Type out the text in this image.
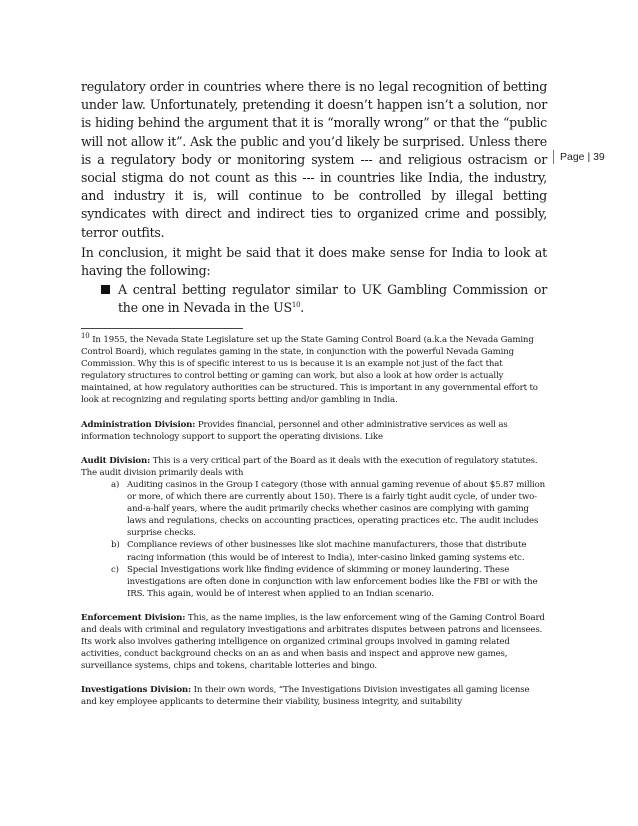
Page | 39

regulatory order in countries where there is no legal recognition of betting under law. Unfortunately, pretending it doesn’t happen isn’t a solution, nor is hiding behind the argument that it is “morally wrong” or that the “public will not allow it”. Ask the public and you’d likely be surprised. Unless there is a regulatory body or monitoring system --- and religious ostracism or social stigma do not count as this --- in countries like India, the industry, and industry it is, will continue to be controlled by illegal betting syndicates with direct and indirect ties to organized crime and possibly, terror outfits.

In conclusion, it might be said that it does make sense for India to look at having the following:

A central betting regulator similar to UK Gambling Commission or the one in Nevada in the US$^{10}$.

$^{10}$ In 1955, the Nevada State Legislature set up the State Gaming Control Board (a.k.a the Nevada Gaming Control Board), which regulates gaming in the state, in conjunction with the powerful Nevada Gaming Commission. Why this is of specific interest to us is because it is an example not just of the fact that regulatory structures to control betting or gaming can work, but also a look at how order is actually maintained, at how regulatory authorities can be structured. This is important in any governmental effort to look at recognizing and regulating sports betting and/or gambling in India.

Administration Division: Provides financial, personnel and other administrative services as well as information technology support to support the operating divisions. Like

Audit Division: This is a very critical part of the Board as it deals with the execution of regulatory statutes. The audit division primarily deals with

a) Auditing casinos in the Group I category (those with annual gaming revenue of about $5.87 million or more, of which there are currently about 150). There is a fairly tight audit cycle, of under two-and-a-half years, where the audit primarily checks whether casinos are complying with gaming laws and regulations, checks on accounting practices, operating practices etc. The audit includes surprise checks.
b) Compliance reviews of other businesses like slot machine manufacturers, those that distribute racing information (this would be of interest to India), inter-casino linked gaming systems etc.
c) Special Investigations work like finding evidence of skimming or money laundering. These investigations are often done in conjunction with law enforcement bodies like the FBI or with the IRS. This again, would be of interest when applied to an Indian scenario.

Enforcement Division: This, as the name implies, is the law enforcement wing of the Gaming Control Board and deals with criminal and regulatory investigations and arbitrates disputes between patrons and licensees. Its work also involves gathering intelligence on organized criminal groups involved in gaming related activities, conduct background checks on an as and when basis and inspect and approve new games, surveillance systems, chips and tokens, charitable lotteries and bingo.

Investigations Division: In their own words, “The Investigations Division investigates all gaming license and key employee applicants to determine their viability, business integrity, and suitability
